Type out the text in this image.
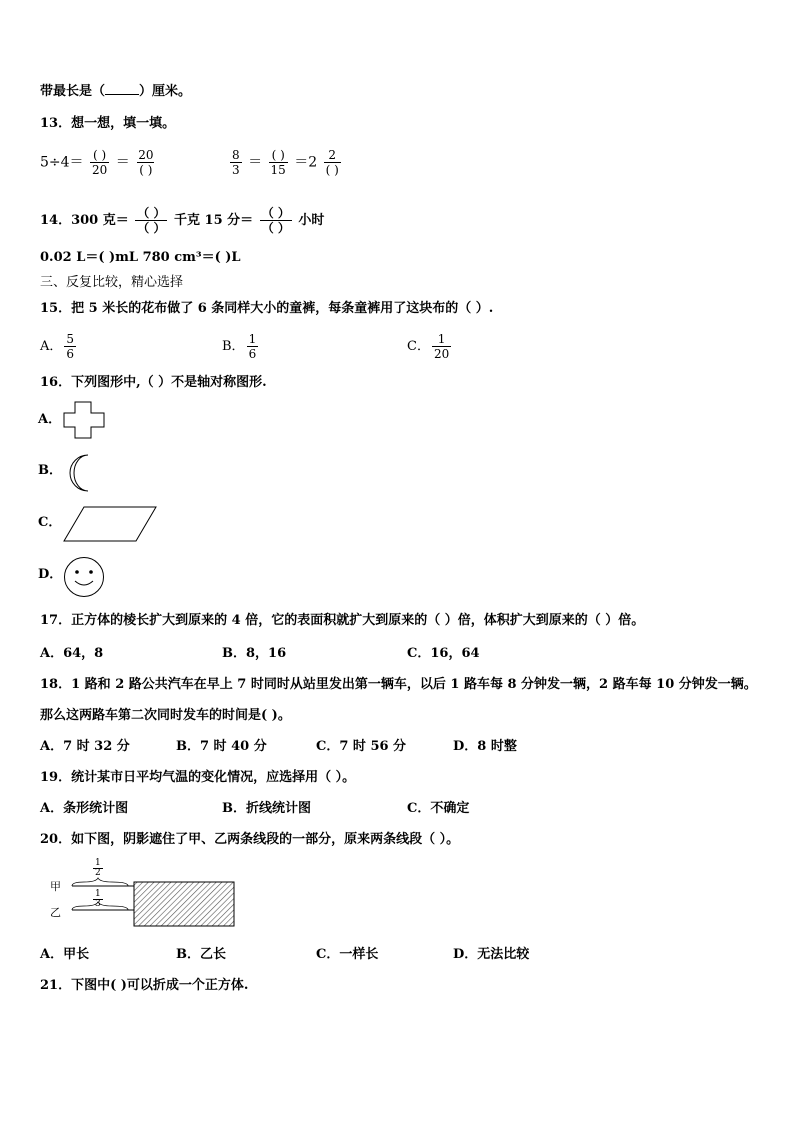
带最长是（	）厘米。
13．想一想，填一填。
$5\div 4= \frac{( )}{20} = \frac{20}{( )}$	$\frac{8}{3} = \frac{( )}{15} =2 \frac{2}{( )}$
14．300 克＝ $\frac{( )}{( )}$ 千克 15 分＝ $\frac{( )}{( )}$ 小时
0.02 L＝( )mL 780 cm³＝( )L
三、反复比较，精心选择
15．把 5 米长的花布做了 6 条同样大小的童裤，每条童裤用了这块布的（ ）.
A． $\frac{5}{6}$	B． $\frac{1}{6}$	C． $\frac{1}{20}$
16．下列图形中,（ ）不是轴对称图形.
A．
B．
C．
D．
17．正方体的棱长扩大到原来的 4 倍，它的表面积就扩大到原来的（ ）倍，体积扩大到原来的（ ）倍。
A．64，8	B．8，16	C．16，64
18．1 路和 2 路公共汽车在早上 7 时同时从站里发出第一辆车，以后 1 路车每 8 分钟发一辆，2 路车每 10 分钟发一辆。
那么这两路车第二次同时发车的时间是( )。
A．7 时 32 分	B．7 时 40 分	C．7 时 56 分	D．8 时整
19．统计某市日平均气温的变化情况，应选择用（ ）。
A．条形统计图	B．折线统计图	C．不确定
20．如下图，阴影遮住了甲、乙两条线段的一部分，原来两条线段（ ）。
甲
乙
$\frac{1}{2}$
$\frac{1}{3}$
A．甲长	B．乙长	C．一样长	D．无法比较
21．下图中( )可以折成一个正方体.
